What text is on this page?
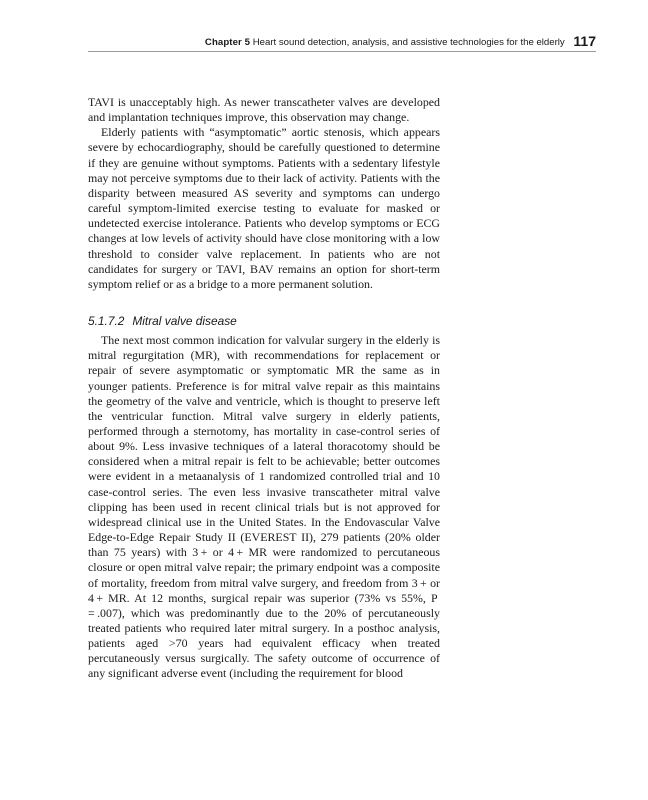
Chapter 5 Heart sound detection, analysis, and assistive technologies for the elderly 117

TAVI is unacceptably high. As newer transcatheter valves are developed and implantation techniques improve, this observation may change.

Elderly patients with “asymptomatic” aortic stenosis, which appears severe by echocardiography, should be carefully questioned to determine if they are genuine without symptoms. Patients with a sedentary lifestyle may not perceive symptoms due to their lack of activity. Patients with the disparity between measured AS severity and symptoms can undergo careful symptom-limited exercise testing to evaluate for masked or undetected exercise intolerance. Patients who develop symptoms or ECG changes at low levels of activity should have close monitoring with a low threshold to consider valve replacement. In patients who are not candidates for surgery or TAVI, BAV remains an option for short-term symptom relief or as a bridge to a more permanent solution.

5.1.7.2 Mitral valve disease

The next most common indication for valvular surgery in the elderly is mitral regurgitation (MR), with recommendations for replacement or repair of severe asymptomatic or symptomatic MR the same as in younger patients. Preference is for mitral valve repair as this maintains the geometry of the valve and ventricle, which is thought to preserve left the ventricular function. Mitral valve surgery in elderly patients, performed through a sternotomy, has mortality in case-control series of about 9%. Less invasive techniques of a lateral thoracotomy should be considered when a mitral repair is felt to be achievable; better outcomes were evident in a metaanalysis of 1 randomized controlled trial and 10 case-control series. The even less invasive transcatheter mitral valve clipping has been used in recent clinical trials but is not approved for widespread clinical use in the United States. In the Endovascular Valve Edge-to-Edge Repair Study II (EVEREST II), 279 patients (20% older than 75 years) with 3 + or 4 + MR were randomized to percutaneous closure or open mitral valve repair; the primary endpoint was a composite of mortality, freedom from mitral valve surgery, and freedom from 3 + or 4 + MR. At 12 months, surgical repair was superior (73% vs 55%, P = .007), which was predominantly due to the 20% of percutaneously treated patients who required later mitral surgery. In a posthoc analysis, patients aged >70 years had equivalent efficacy when treated percutaneously versus surgically. The safety outcome of occurrence of any significant adverse event (including the requirement for blood
